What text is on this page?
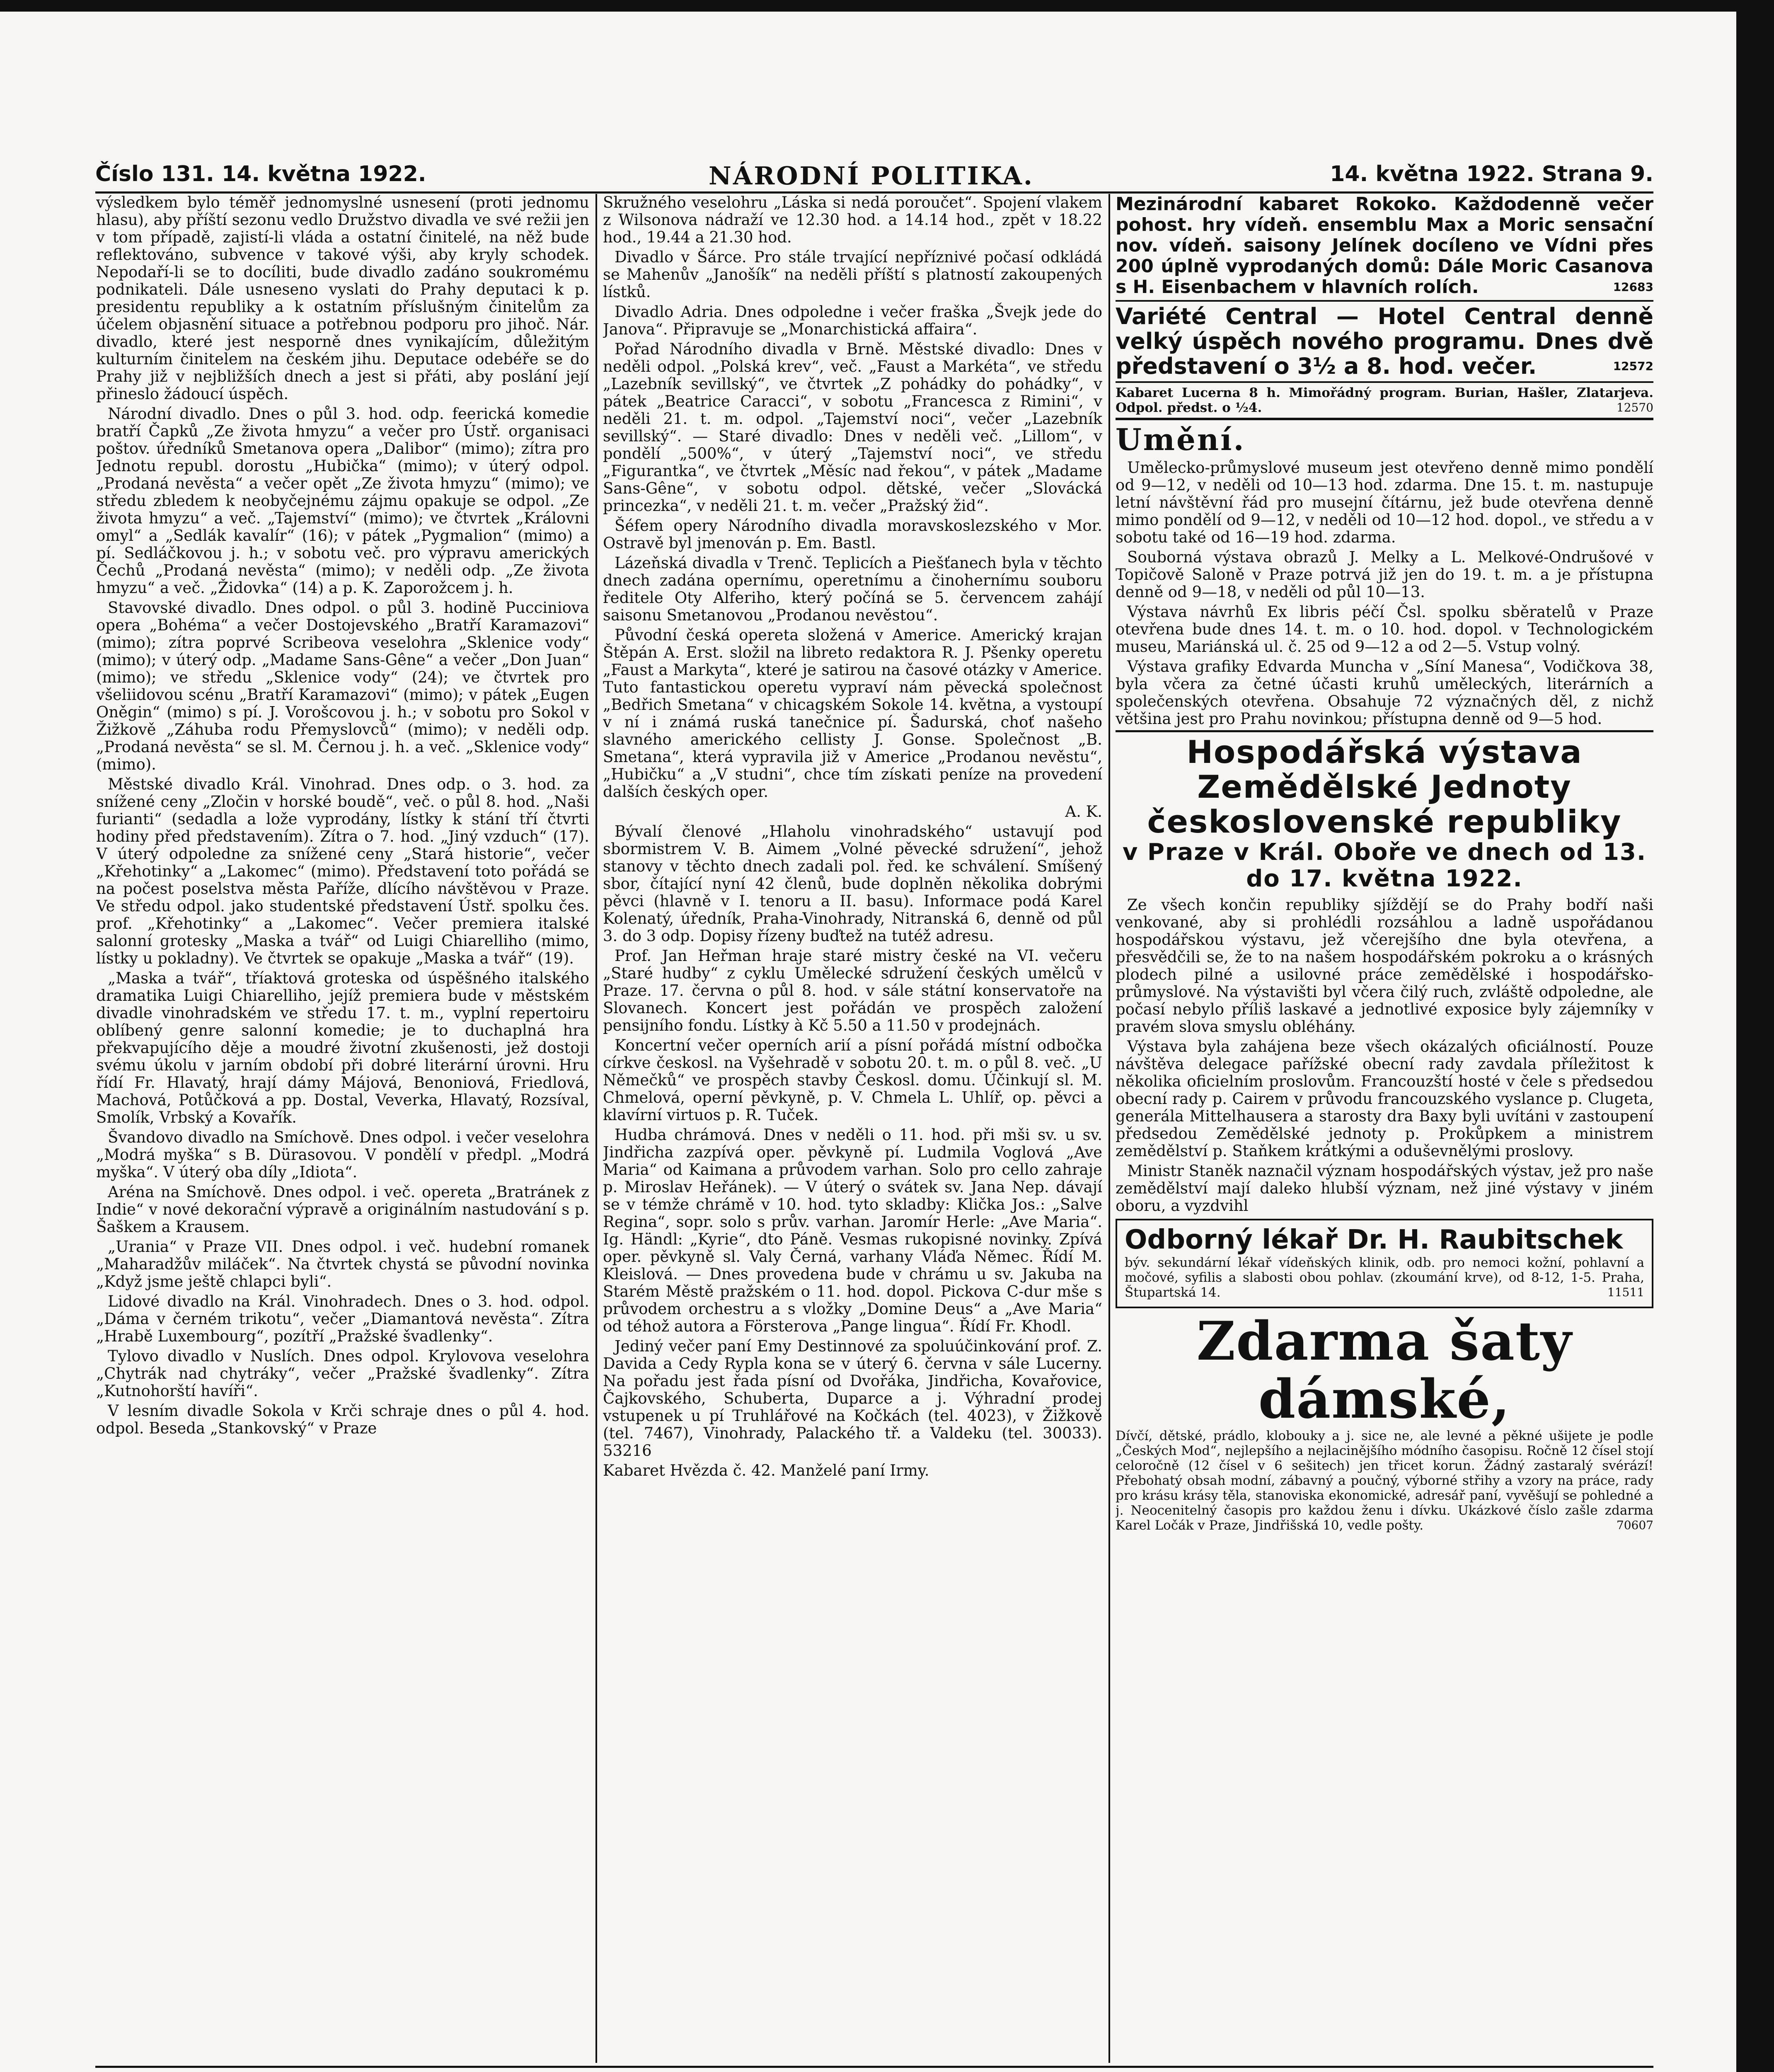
Číslo 131. 14. května 1922.	NÁRODNÍ POLITIKA.	14. května 1922. Strana 9.

výsledkem bylo téměř jednomyslné usnesení (proti jednomu hlasu), aby příští sezonu vedlo Družstvo divadla ve své režii jen v tom případě, zajistí-li vláda a ostatní činitelé, na něž bude reflektováno, subvence v takové výši, aby kryly schodek. Nepodaří-li se to docíliti, bude divadlo zadáno soukromému podnikateli. Dále usneseno vyslati do Prahy deputaci k p. presidentu republiky a k ostatním příslušným činitelům za účelem objasnění situace a potřebnou podporu pro jihoč. Nár. divadlo, které jest nesporně dnes vynikajícím, důležitým kulturním činitelem na českém jihu. Deputace odebéře se do Prahy již v nejbližších dnech a jest si přáti, aby poslání její přineslo žádoucí úspěch.

Národní divadlo. Dnes o půl 3. hod. odp. feerická komedie bratří Čapků „Ze života hmyzu“ a večer pro Ústř. organisaci poštov. úředníků Smetanova opera „Dalibor“ (mimo); zítra pro Jednotu republ. dorostu „Hubička“ (mimo); v úterý odpol. „Prodaná nevěsta“ a večer opět „Ze života hmyzu“ (mimo); ve středu zbledem k neobyčejnému zájmu opakuje se odpol. „Ze života hmyzu“ a več. „Tajemství“ (mimo); ve čtvrtek „Královni omyl“ a „Sedlák kavalír“ (16); v pátek „Pygmalion“ (mimo) a pí. Sedláčkovou j. h.; v sobotu več. pro výpravu amerických Čechů „Prodaná nevěsta“ (mimo); v neděli odp. „Ze života hmyzu“ a več. „Židovka“ (14) a p. K. Zaporožcem j. h.

Stavovské divadlo. Dnes odpol. o půl 3. hodině Pucciniova opera „Bohéma“ a večer Dostojevského „Bratří Karamazovi“ (mimo); zítra poprvé Scribeova veselohra „Sklenice vody“ (mimo); v úterý odp. „Madame Sans-Gêne“ a večer „Don Juan“ (mimo); ve středu „Sklenice vody“ (24); ve čtvrtek pro všeliidovou scénu „Bratří Karamazovi“ (mimo); v pátek „Eugen Oněgin“ (mimo) s pí. J. Vorošcovou j. h.; v sobotu pro Sokol v Žižkově „Záhuba rodu Přemyslovců“ (mimo); v neděli odp. „Prodaná nevěsta“ se sl. M. Černou j. h. a več. „Sklenice vody“ (mimo).

Městské divadlo Král. Vinohrad. Dnes odp. o 3. hod. za snížené ceny „Zločin v horské boudě“, več. o půl 8. hod. „Naši furianti“ (sedadla a lože vyprodány, lístky k stání tří čtvrti hodiny před představením). Zítra o 7. hod. „Jiný vzduch“ (17). V úterý odpoledne za snížené ceny „Stará historie“, večer „Křehotinky“ a „Lakomec“ (mimo). Představení toto pořádá se na počest poselstva města Paříže, dlícího návštěvou v Praze. Ve středu odpol. jako studentské představení Ústř. spolku čes. prof. „Křehotinky“ a „Lakomec“. Večer premiera italské salonní grotesky „Maska a tvář“ od Luigi Chiarelliho (mimo, lístky u pokladny). Ve čtvrtek se opakuje „Maska a tvář“ (19).

„Maska a tvář“, tříaktová groteska od úspěšného italského dramatika Luigi Chiarelliho, jejíž premiera bude v městském divadle vinohradském ve středu 17. t. m., vyplní repertoiru oblíbený genre salonní komedie; je to duchaplná hra překvapujícího děje a moudré životní zkušenosti, jež dostoji svému úkolu v jarním období při dobré literární úrovni. Hru řídí Fr. Hlavatý, hrají dámy Májová, Benoniová, Friedlová, Machová, Potůčková a pp. Dostal, Veverka, Hlavatý, Rozsíval, Smolík, Vrbský a Kovařík.

Švandovo divadlo na Smíchově. Dnes odpol. i večer veselohra „Modrá myška“ s B. Dürasovou. V pondělí v předpl. „Modrá myška“. V úterý oba díly „Idiota“.

Aréna na Smíchově. Dnes odpol. i več. opereta „Bratránek z Indie“ v nové dekorační výpravě a originálním nastudování s p. Šaškem a Krausem.

„Urania“ v Praze VII. Dnes odpol. i več. hudební romanek „Maharadžův miláček“. Na čtvrtek chystá se původní novinka „Když jsme ještě chlapci byli“.

Lidové divadlo na Král. Vinohradech. Dnes o 3. hod. odpol. „Dáma v černém trikotu“, večer „Diamantová nevěsta“. Zítra „Hrabě Luxembourg“, pozítří „Pražské švadlenky“.

Tylovo divadlo v Nuslích. Dnes odpol. Krylovova veselohra „Chytrák nad chytráky“, večer „Pražské švadlenky“. Zítra „Kutnohorští havíři“.

V lesním divadle Sokola v Krči schraje dnes o půl 4. hod. odpol. Beseda „Stankovský“ v Praze

Skružného veselohru „Láska si nedá poroučet“. Spojení vlakem z Wilsonova nádraží ve 12.30 hod. a 14.14 hod., zpět v 18.22 hod., 19.44 a 21.30 hod.

Divadlo v Šárce. Pro stále trvající nepříznivé počasí odkládá se Mahenův „Janošík“ na neděli příští s platností zakoupených lístků.

Divadlo Adria. Dnes odpoledne i večer fraška „Švejk jede do Janova“. Připravuje se „Monarchistická affaira“.

Pořad Národního divadla v Brně. Městské divadlo: Dnes v neděli odpol. „Polská krev“, več. „Faust a Markéta“, ve středu „Lazebník sevillský“, ve čtvrtek „Z pohádky do pohádky“, v pátek „Beatrice Caracci“, v sobotu „Francesca z Rimini“, v neděli 21. t. m. odpol. „Tajemství noci“, večer „Lazebník sevillský“. — Staré divadlo: Dnes v neděli več. „Lillom“, v pondělí „500%“, v úterý „Tajemství noci“, ve středu „Figurantka“, ve čtvrtek „Měsíc nad řekou“, v pátek „Madame Sans-Gêne“, v sobotu odpol. dětské, večer „Slovácká princezka“, v neděli 21. t. m. večer „Pražský žid“.

Šéfem opery Národního divadla moravskoslezského v Mor. Ostravě byl jmenován p. Em. Bastl.

Lázeňská divadla v Trenč. Teplicích a Piešťanech byla v těchto dnech zadána opernímu, operetnímu a činohernímu souboru ředitele Oty Alferiho, který počíná se 5. červencem zahájí saisonu Smetanovou „Prodanou nevěstou“.

Původní česká opereta složená v Americe. Americký krajan Štěpán A. Erst. složil na libreto redaktora R. J. Pšenky operetu „Faust a Markyta“, které je satirou na časové otázky v Americe. Tuto fantastickou operetu vypraví nám pěvecká společnost „Bedřich Smetana“ v chicagském Sokole 14. května, a vystoupí v ní i známá ruská tanečnice pí. Šadurská, choť našeho slavného amerického cellisty J. Gonse. Společnost „B. Smetana“, která vypravila již v Americe „Prodanou nevěstu“, „Hubičku“ a „V studni“, chce tím získati peníze na provedení dalších českých oper.

A. K.

Bývalí členové „Hlaholu vinohradského“ ustavují pod sbormistrem V. B. Aimem „Volné pěvecké sdružení“, jehož stanovy v těchto dnech zadali pol. řed. ke schválení. Smíšený sbor, čítající nyní 42 členů, bude doplněn několika dobrými pěvci (hlavně v I. tenoru a II. basu). Informace podá Karel Kolenatý, úředník, Praha-Vinohrady, Nitranská 6, denně od půl 3. do 3 odp. Dopisy řízeny buďtež na tutéž adresu.

Prof. Jan Heřman hraje staré mistry české na VI. večeru „Staré hudby“ z cyklu Umělecké sdružení českých umělců v Praze. 17. června o půl 8. hod. v sále státní konservatoře na Slovanech. Koncert jest pořádán ve prospěch založení pensijního fondu. Lístky à Kč 5.50 a 11.50 v prodejnách.

Koncertní večer operních arií a písní pořádá místní odbočka církve českosl. na Vyšehradě v sobotu 20. t. m. o půl 8. več. „U Němečků“ ve prospěch stavby Českosl. domu. Účinkují sl. M. Chmelová, operní pěvkyně, p. V. Chmela L. Uhlíř, op. pěvci a klavírní virtuos p. R. Tuček.

Hudba chrámová. Dnes v neděli o 11. hod. při mši sv. u sv. Jindřicha zazpívá oper. pěvkyně pí. Ludmila Voglová „Ave Maria“ od Kaimana a průvodem varhan. Solo pro cello zahraje p. Miroslav Heřánek). — V úterý o svátek sv. Jana Nep. dávají se v témže chrámě v 10. hod. tyto skladby: Klička Jos.: „Salve Regina“, sopr. solo s prův. varhan. Jaromír Herle: „Ave Maria“. Ig. Händl: „Kyrie“, dto Páně. Vesmas rukopisné novinky. Zpívá oper. pěvkyně sl. Valy Černá, varhany Vláďa Němec. Řídí M. Kleislová. — Dnes provedena bude v chrámu u sv. Jakuba na Starém Městě pražském o 11. hod. dopol. Pickova C-dur mše s průvodem orchestru a s vložky „Domine Deus“ a „Ave Maria“ od téhož autora a Försterova „Pange lingua“. Řídí Fr. Khodl.

Jediný večer paní Emy Destinnové za spoluúčinkování prof. Z. Davida a Cedy Rypla kona se v úterý 6. června v sále Lucerny. Na pořadu jest řada písní od Dvořáka, Jindřicha, Kovařovice, Čajkovského, Schuberta, Duparce a j. Výhradní prodej vstupenek u pí Truhlářové na Kočkách (tel. 4023), v Žižkově (tel. 7467), Vinohrady, Palackého tř. a Valdeku (tel. 30033). 53216

Kabaret Hvězda č. 42. Manželé paní Irmy.

Mezinárodní kabaret Rokoko. Každodenně večer pohost. hry vídeň. ensemblu Max a Moric sensační nov. vídeň. saisony Jelínek docíleno ve Vídni přes 200 úplně vyprodaných domů: Dále Moric Casanova s H. Eisenbachem v hlavních rolích.	12683

Variété Central — Hotel Central denně velký úspěch nového programu. Dnes dvě představení o 3½ a 8. hod. večer.	12572

Kabaret Lucerna 8 h. Mimořádný program. Burian, Hašler, Zlatarjeva. Odpol. předst. o ½4.	12570

Umění.

Umělecko-průmyslové museum jest otevřeno denně mimo pondělí od 9—12, v neděli od 10—13 hod. zdarma. Dne 15. t. m. nastupuje letní návštěvní řád pro musejní čítárnu, jež bude otevřena denně mimo pondělí od 9—12, v neděli od 10—12 hod. dopol., ve středu a v sobotu také od 16—19 hod. zdarma.

Souborná výstava obrazů J. Melky a L. Melkové-Ondrušové v Topičově Saloně v Praze potrvá již jen do 19. t. m. a je přístupna denně od 9—18, v neděli od půl 10—13.

Výstava návrhů Ex libris péčí Čsl. spolku sběratelů v Praze otevřena bude dnes 14. t. m. o 10. hod. dopol. v Technologickém museu, Mariánská ul. č. 25 od 9—12 a od 2—5. Vstup volný.

Výstava grafiky Edvarda Muncha v „Síní Manesa“, Vodičkova 38, byla včera za četné účasti kruhů uměleckých, literárních a společenských otevřena. Obsahuje 72 význačných děl, z nichž většina jest pro Prahu novinkou; přístupna denně od 9—5 hod.

Hospodářská výstava Zemědělské Jednoty československé republiky
v Praze v Král. Oboře ve dnech od 13. do 17. května 1922.

Ze všech končin republiky sjíždějí se do Prahy bodří naši venkované, aby si prohlédli rozsáhlou a ladně uspořádanou hospodářskou výstavu, jež včerejšího dne byla otevřena, a přesvědčili se, že to na našem hospodářském pokroku a o krásných plodech pilné a usilovné práce zemědělské i hospodářsko-průmyslové. Na výstavišti byl včera čilý ruch, zvláště odpoledne, ale počasí nebylo příliš laskavé a jednotlivé exposice byly zájemníky v pravém slova smyslu obléhány.

Výstava byla zahájena beze všech okázalých oficiálností. Pouze návštěva delegace pařížské obecní rady zavdala příležitost k několika oficielním proslovům. Francouzští hosté v čele s předsedou obecní rady p. Cairem v průvodu francouzského vyslance p. Clugeta, generála Mittelhausera a starosty dra Baxy byli uvítáni v zastoupení předsedou Zemědělské jednoty p. Prokůpkem a ministrem zemědělství p. Staňkem krátkými a oduševnělými proslovy.

Ministr Staněk naznačil význam hospodářských výstav, jež pro naše zemědělství mají daleko hlubší význam, než jiné výstavy v jiném oboru, a vyzdvihl

Odborný lékař Dr. H. Raubitschek

býv. sekundární lékař vídeňských klinik, odb. pro nemoci kožní, pohlavní a močové, syfilis a slabosti obou pohlav. (zkoumání krve), od 8-12, 1-5. Praha, Štupartská 14.	11511

Zdarma šaty dámské,

Dívčí, dětské, prádlo, klobouky a j. sice ne, ale levné a pěkné ušijete je podle „Českých Mod“, nejlepšího a nejlacinějšího módního časopisu. Ročně 12 čísel stojí celoročně (12 čísel v 6 sešitech) jen třicet korun. Žádný zastaralý svérází! Přebohatý obsah modní, zábavný a poučný, výborné střihy a vzory na práce, rady pro krásu krásy těla, stanoviska ekonomické, adresář paní, vyvěšují se pohledné a j. Neocenitelný časopis pro každou ženu i dívku. Ukázkové číslo zašle zdarma Karel Ločák v Praze, Jindřišská 10, vedle pošty.	70607
